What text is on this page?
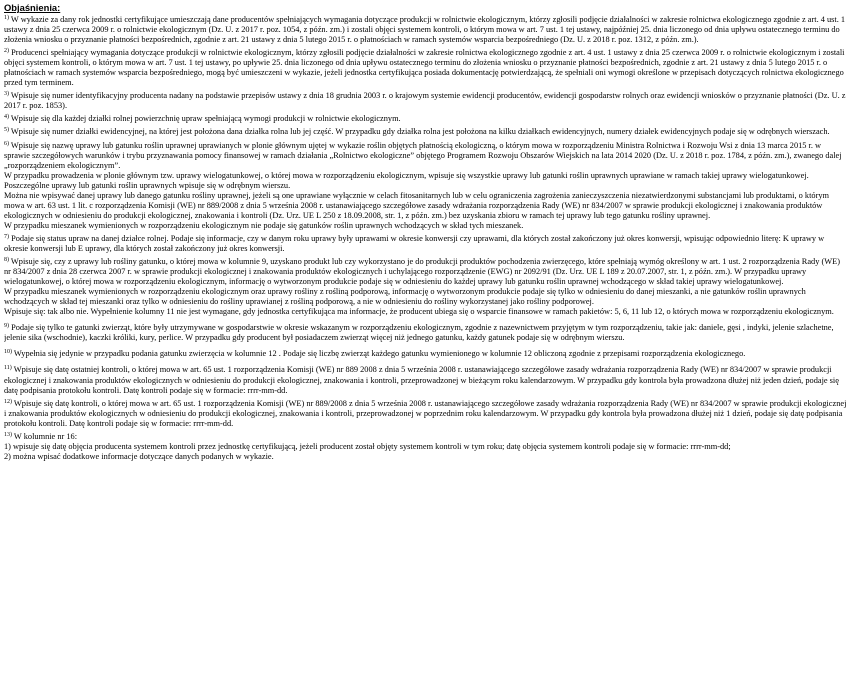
Objaśnienia:

$^{1)}$ W wykazie za dany rok jednostki certyfikujące umieszczają dane producentów spełniających wymagania dotyczące produkcji w rolnictwie ekologicznym, którzy zgłosili podjęcie działalności w zakresie rolnictwa ekologicznego zgodnie z art. 4 ust. 1 ustawy z dnia 25 czerwca 2009 r. o rolnictwie ekologicznym (Dz. U. z 2017 r. poz. 1054, z późn. zm.) i zostali objęci systemem kontroli, o którym mowa w art. 7 ust. 1 tej ustawy, najpóźniej 25. dnia liczonego od dnia upływu ostatecznego terminu do złożenia wniosku o przyznanie płatności bezpośrednich, zgodnie z art. 21 ustawy z dnia 5 lutego 2015 r. o płatnościach w ramach systemów wsparcia bezpośredniego (Dz. U. z 2018 r. poz. 1312, z późn. zm.).

$^{2)}$ Producenci spełniający wymagania dotyczące produkcji w rolnictwie ekologicznym, którzy zgłosili podjęcie działalności w zakresie rolnictwa ekologicznego zgodnie z art. 4 ust. 1 ustawy z dnia 25 czerwca 2009 r. o rolnictwie ekologicznym i zostali objęci systemem kontroli, o którym mowa w art. 7 ust. 1 tej ustawy, po upływie 25. dnia liczonego od dnia upływu ostatecznego terminu do złożenia wniosku o przyznanie płatności bezpośrednich, zgodnie z art. 21 ustawy z dnia 5 lutego 2015 r. o płatnościach w ramach systemów wsparcia bezpośredniego, mogą być umieszczeni w wykazie, jeżeli jednostka certyfikująca posiada dokumentację potwierdzającą, że spełniali oni wymogi określone w przepisach dotyczących rolnictwa ekologicznego przed tym terminem.

$^{3)}$ Wpisuje się numer identyfikacyjny producenta nadany na podstawie przepisów ustawy z dnia 18 grudnia 2003 r. o krajowym systemie ewidencji producentów, ewidencji gospodarstw rolnych oraz ewidencji wniosków o przyznanie płatności (Dz. U. z 2017 r. poz. 1853).

$^{4)}$ Wpisuje się dla każdej działki rolnej powierzchnię upraw spełniającą wymogi produkcji w rolnictwie ekologicznym.

$^{5)}$ Wpisuje się numer działki ewidencyjnej, na której jest położona dana działka rolna lub jej część. W przypadku gdy działka rolna jest położona na kilku działkach ewidencyjnych, numery działek ewidencyjnych podaje się w odrębnych wierszach.

$^{6)}$ Wpisuje się nazwę uprawy lub gatunku roślin uprawnej uprawianych w plonie głównym ujętej w wykazie roślin objętych płatnością ekologiczną, o którym mowa w rozporządzeniu Ministra Rolnictwa i Rozwoju Wsi z dnia 13 marca 2015 r. w sprawie szczegółowych warunków i trybu przyznawania pomocy finansowej w ramach działania „Rolnictwo ekologiczne” objętego Programem Rozwoju Obszarów Wiejskich na lata 2014 2020 (Dz. U. z 2018 r. poz. 1784, z późn. zm.), zwanego dalej „rozporządzeniem ekologicznym”.

W przypadku prowadzenia w plonie głównym tzw. uprawy wielogatunkowej, o której mowa w rozporządzeniu ekologicznym, wpisuje się wszystkie uprawy lub gatunki roślin uprawnych uprawiane w ramach takiej uprawy wielogatunkowej. Poszczególne uprawy lub gatunki roślin uprawnych wpisuje się w odrębnym wierszu.

Można nie wpisywać danej uprawy lub danego gatunku rośliny uprawnej, jeżeli są one uprawiane wyłącznie w celach fitosanitarnych lub w celu ograniczenia zagrożenia zanieczyszczenia niezatwierdzonymi substancjami lub produktami, o którym mowa w art. 63 ust. 1 lit. c rozporządzenia Komisji (WE) nr 889/2008 z dnia 5 września 2008 r. ustanawiającego szczegółowe zasady wdrażania rozporządzenia Rady (WE) nr 834/2007 w sprawie produkcji ekologicznej i znakowania produktów ekologicznych w odniesieniu do produkcji ekologicznej, znakowania i kontroli (Dz. Urz. UE L 250 z 18.09.2008, str. 1, z późn. zm.) bez uzyskania zbioru w ramach tej uprawy lub tego gatunku rośliny uprawnej.

W przypadku mieszanek wymienionych w rozporządzeniu ekologicznym nie podaje się gatunków roślin uprawnych wchodzących w skład tych mieszanek.

$^{7)}$ Podaje się status upraw na danej działce rolnej. Podaje się informacje, czy w danym roku uprawy były uprawami w okresie konwersji czy uprawami, dla których został zakończony już okres konwersji, wpisując odpowiednio literę: K uprawy w okresie konwersji lub E uprawy, dla których został zakończony już okres konwersji.

$^{8)}$ Wpisuje się, czy z uprawy lub rośliny gatunku, o której mowa w kolumnie 9, uzyskano produkt lub czy wykorzystano je do produkcji produktów pochodzenia zwierzęcego, które spełniają wymóg określony w art. 1 ust. 2 rozporządzenia Rady (WE) nr 834/2007 z dnia 28 czerwca 2007 r. w sprawie produkcji ekologicznej i znakowania produktów ekologicznych i uchylającego rozporządzenie (EWG) nr 2092/91 (Dz. Urz. UE L 189 z 20.07.2007, str. 1, z późn. zm.). W przypadku uprawy wielogatunkowej, o której mowa w rozporządzeniu ekologicznym, informację o wytworzonym produkcie podaje się w odniesieniu do każdej uprawy lub gatunku roślin uprawnej wchodzącego w skład takiej uprawy wielogatunkowej.

W przypadku mieszanek wymienionych w rozporządzeniu ekologicznym oraz uprawy rośliny z rośliną podporową, informację o wytworzonym produkcie podaje się tylko w odniesieniu do danej mieszanki, a nie gatunków roślin uprawnych wchodzących w skład tej mieszanki oraz tylko w odniesieniu do rośliny uprawianej z rośliną podporową, a nie w odniesieniu do rośliny wykorzystanej jako rośliny podporowej.

Wpisuje się: tak albo nie. Wypełnienie kolumny 11 nie jest wymagane, gdy jednostka certyfikująca ma informacje, że producent ubiega się o wsparcie finansowe w ramach pakietów: 5, 6, 11 lub 12, o których mowa w rozporządzeniu ekologicznym.

$^{9)}$ Podaje się tylko te gatunki zwierząt, które były utrzymywane w gospodarstwie w okresie wskazanym w rozporządzeniu ekologicznym, zgodnie z nazewnictwem przyjętym w tym rozporządzeniu, takie jak: daniele, gęsi , indyki, jelenie szlachetne, jelenie sika (wschodnie), kaczki króliki, kury, perlice. W przypadku gdy producent był posiadaczem zwierząt więcej niż jednego gatunku, każdy gatunek podaje się w odrębnym wierszu.

$^{10)}$ Wypełnia się jedynie w przypadku podania gatunku zwierzęcia w kolumnie 12 . Podaje się liczbę zwierząt każdego gatunku wymienionego w kolumnie 12 obliczoną zgodnie z przepisami rozporządzenia ekologicznego.

$^{11)}$ Wpisuje się datę ostatniej kontroli, o której mowa w art. 65 ust. 1 rozporządzenia Komisji (WE) nr 889 2008 z dnia 5 września 2008 r. ustanawiającego szczegółowe zasady wdrażania rozporządzenia Rady (WE) nr 834/2007 w sprawie produkcji ekologicznej i znakowania produktów ekologicznych w odniesieniu do produkcji ekologicznej, znakowania i kontroli, przeprowadzonej w bieżącym roku kalendarzowym. W przypadku gdy kontrola była prowadzona dłużej niż jeden dzień, podaje się datę podpisania protokołu kontroli. Datę kontroli podaje się w formacie: rrrr-mm-dd.

$^{12)}$ Wpisuje się datę kontroli, o której mowa w art. 65 ust. 1 rozporządzenia Komisji (WE) nr 889/2008 z dnia 5 września 2008 r. ustanawiającego szczegółowe zasady wdrażania rozporządzenia Rady (WE) nr 834/2007 w sprawie produkcji ekologicznej i znakowania produktów ekologicznych w odniesieniu do produkcji ekologicznej, znakowania i kontroli, przeprowadzonej w poprzednim roku kalendarzowym. W przypadku gdy kontrola była prowadzona dłużej niż 1 dzień, podaje się datę podpisania protokołu kontroli. Datę kontroli podaje się w formacie: rrrr-mm-dd.

$^{13)}$ W kolumnie nr 16:

1) wpisuje się datę objęcia producenta systemem kontroli przez jednostkę certyfikującą, jeżeli producent został objęty systemem kontroli w tym roku; datę objęcia systemem kontroli podaje się w formacie: rrrr-mm-dd;

2) można wpisać dodatkowe informacje dotyczące danych podanych w wykazie.
